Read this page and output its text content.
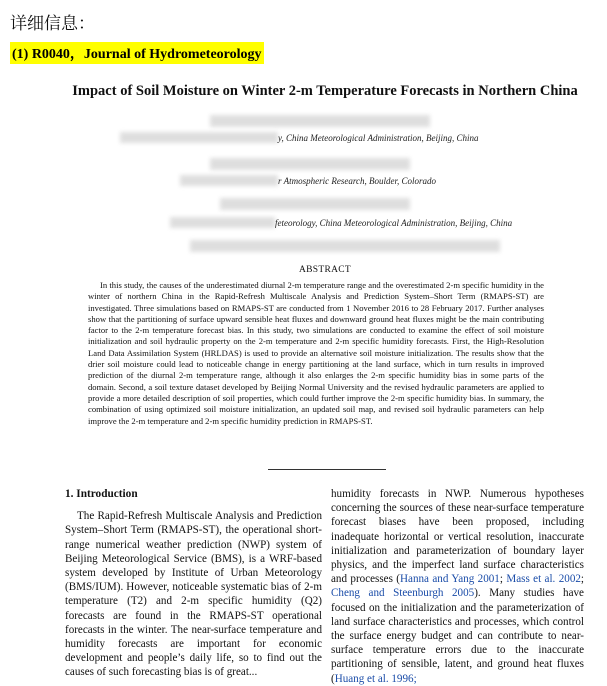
详细信息：
(1) R0040，Journal of Hydrometeorology
Impact of Soil Moisture on Winter 2-m Temperature Forecasts in Northern China
y, China Meteorological Administration, Beijing, China
r Atmospheric Research, Boulder, Colorado
feteorology, China Meteorological Administration, Beijing, China
ABSTRACT
In this study, the causes of the underestimated diurnal 2-m temperature range and the overestimated 2-m specific humidity in the winter of northern China in the Rapid-Refresh Multiscale Analysis and Prediction System–Short Term (RMAPS-ST) are investigated. Three simulations based on RMAPS-ST are conducted from 1 November 2016 to 28 February 2017. Further analyses show that the partitioning of surface upward sensible heat fluxes and downward ground heat fluxes might be the main contributing factor to the 2-m temperature forecast bias. In this study, two simulations are conducted to examine the effect of soil moisture initialization and soil hydraulic property on the 2-m temperature and 2-m specific humidity forecasts. First, the High-Resolution Land Data Assimilation System (HRLDAS) is used to provide an alternative soil moisture initialization. The results show that the drier soil moisture could lead to noticeable change in energy partitioning at the land surface, which in turn results in improved prediction of the diurnal 2-m temperature range, although it also enlarges the 2-m specific humidity bias in some parts of the domain. Second, a soil texture dataset developed by Beijing Normal University and the revised hydraulic parameters are applied to provide a more detailed description of soil properties, which could further improve the 2-m specific humidity bias. In summary, the combination of using optimized soil moisture initialization, an updated soil map, and revised soil hydraulic parameters can help improve the 2-m temperature and 2-m specific humidity prediction in RMAPS-ST.
1. Introduction

The Rapid-Refresh Multiscale Analysis and Prediction System–Short Term (RMAPS-ST), the operational short-range numerical weather prediction (NWP) system of Beijing Meteorological Service (BMS), is a WRF-based system developed by Institute of Urban Meteorology (BMS/IUM). However, noticeable systematic bias of 2-m temperature (T2) and 2-m specific humidity (Q2) forecasts are found in the RMAPS-ST operational forecasts in the winter. The near-surface temperature and humidity forecasts are important for economic development and people’s daily life, so to find out the causes of such forecasting bias is of great...

humidity forecasts in NWP. Numerous hypotheses concerning the sources of these near-surface temperature forecast biases have been proposed, including inadequate horizontal or vertical resolution, inaccurate initialization and parameterization of boundary layer physics, and the imperfect land surface characteristics and processes (Hanna and Yang 2001; Mass et al. 2002; Cheng and Steenburgh 2005). Many studies have focused on the initialization and the parameterization of land surface characteristics and processes, which control the surface energy budget and can contribute to near-surface temperature errors due to the inaccurate partitioning of sensible, latent, and ground heat fluxes (Huang et al. 1996;
